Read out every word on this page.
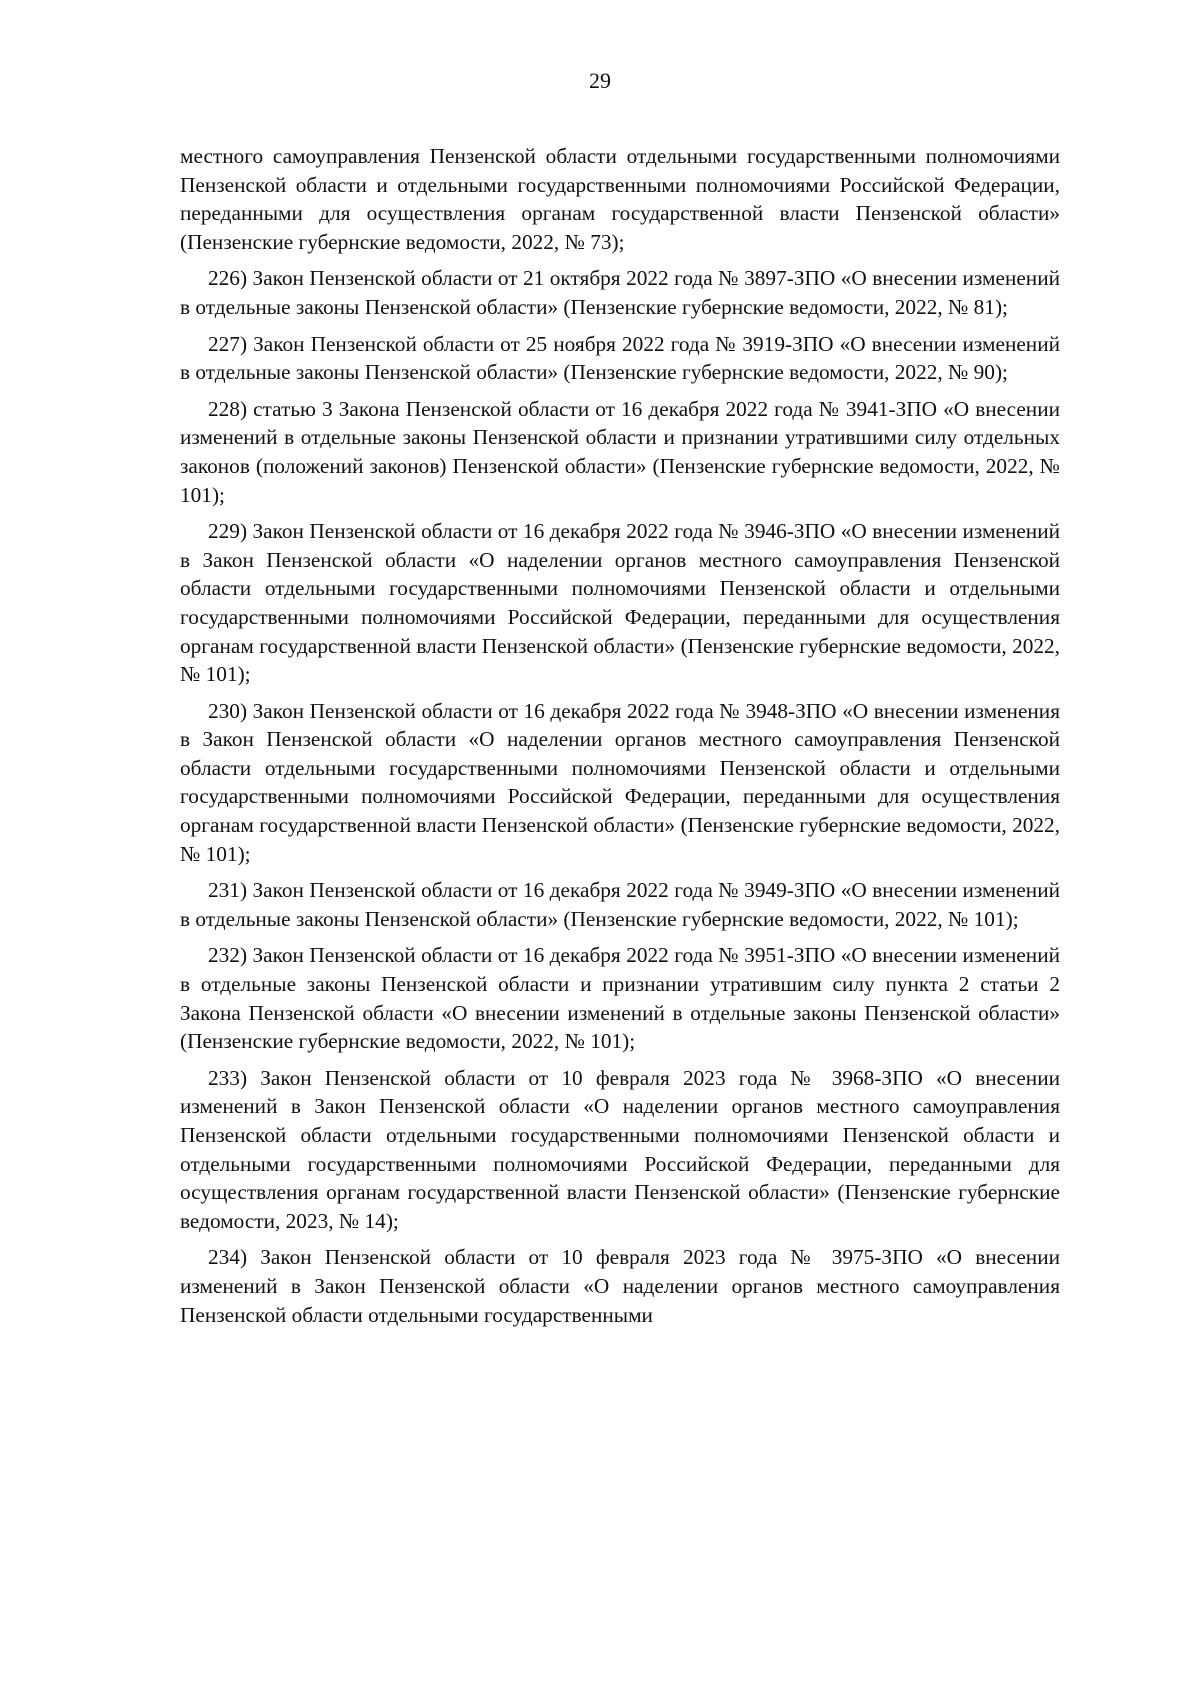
29

местного самоуправления Пензенской области отдельными государственными полномочиями Пензенской области и отдельными государственными полномочиями Российской Федерации, переданными для осуществления органам государственной власти Пензенской области» (Пензенские губернские ведомости, 2022, № 73);

226) Закон Пензенской области от 21 октября 2022 года № 3897-ЗПО «О внесении изменений в отдельные законы Пензенской области» (Пензенские губернские ведомости, 2022, № 81);

227) Закон Пензенской области от 25 ноября 2022 года № 3919-ЗПО «О внесении изменений в отдельные законы Пензенской области» (Пензенские губернские ведомости, 2022, № 90);

228) статью 3 Закона Пензенской области от 16 декабря 2022 года № 3941-ЗПО «О внесении изменений в отдельные законы Пензенской области и признании утратившими силу отдельных законов (положений законов) Пензенской области» (Пензенские губернские ведомости, 2022, № 101);

229) Закон Пензенской области от 16 декабря 2022 года № 3946-ЗПО «О внесении изменений в Закон Пензенской области «О наделении органов местного самоуправления Пензенской области отдельными государственными полномочиями Пензенской области и отдельными государственными полномочиями Российской Федерации, переданными для осуществления органам государственной власти Пензенской области» (Пензенские губернские ведомости, 2022, № 101);

230) Закон Пензенской области от 16 декабря 2022 года № 3948-ЗПО «О внесении изменения в Закон Пензенской области «О наделении органов местного самоуправления Пензенской области отдельными государственными полномочиями Пензенской области и отдельными государственными полномочиями Российской Федерации, переданными для осуществления органам государственной власти Пензенской области» (Пензенские губернские ведомости, 2022, № 101);

231) Закон Пензенской области от 16 декабря 2022 года № 3949-ЗПО «О внесении изменений в отдельные законы Пензенской области» (Пензенские губернские ведомости, 2022, № 101);

232) Закон Пензенской области от 16 декабря 2022 года № 3951-ЗПО «О внесении изменений в отдельные законы Пензенской области и признании утратившим силу пункта 2 статьи 2 Закона Пензенской области «О внесении изменений в отдельные законы Пензенской области» (Пензенские губернские ведомости, 2022, № 101);

233) Закон Пензенской области от 10 февраля 2023 года № 3968-ЗПО «О внесении изменений в Закон Пензенской области «О наделении органов местного самоуправления Пензенской области отдельными государственными полномочиями Пензенской области и отдельными государственными полномочиями Российской Федерации, переданными для осуществления органам государственной власти Пензенской области» (Пензенские губернские ведомости, 2023, № 14);

234) Закон Пензенской области от 10 февраля 2023 года № 3975-ЗПО «О внесении изменений в Закон Пензенской области «О наделении органов местного самоуправления Пензенской области отдельными государственными
